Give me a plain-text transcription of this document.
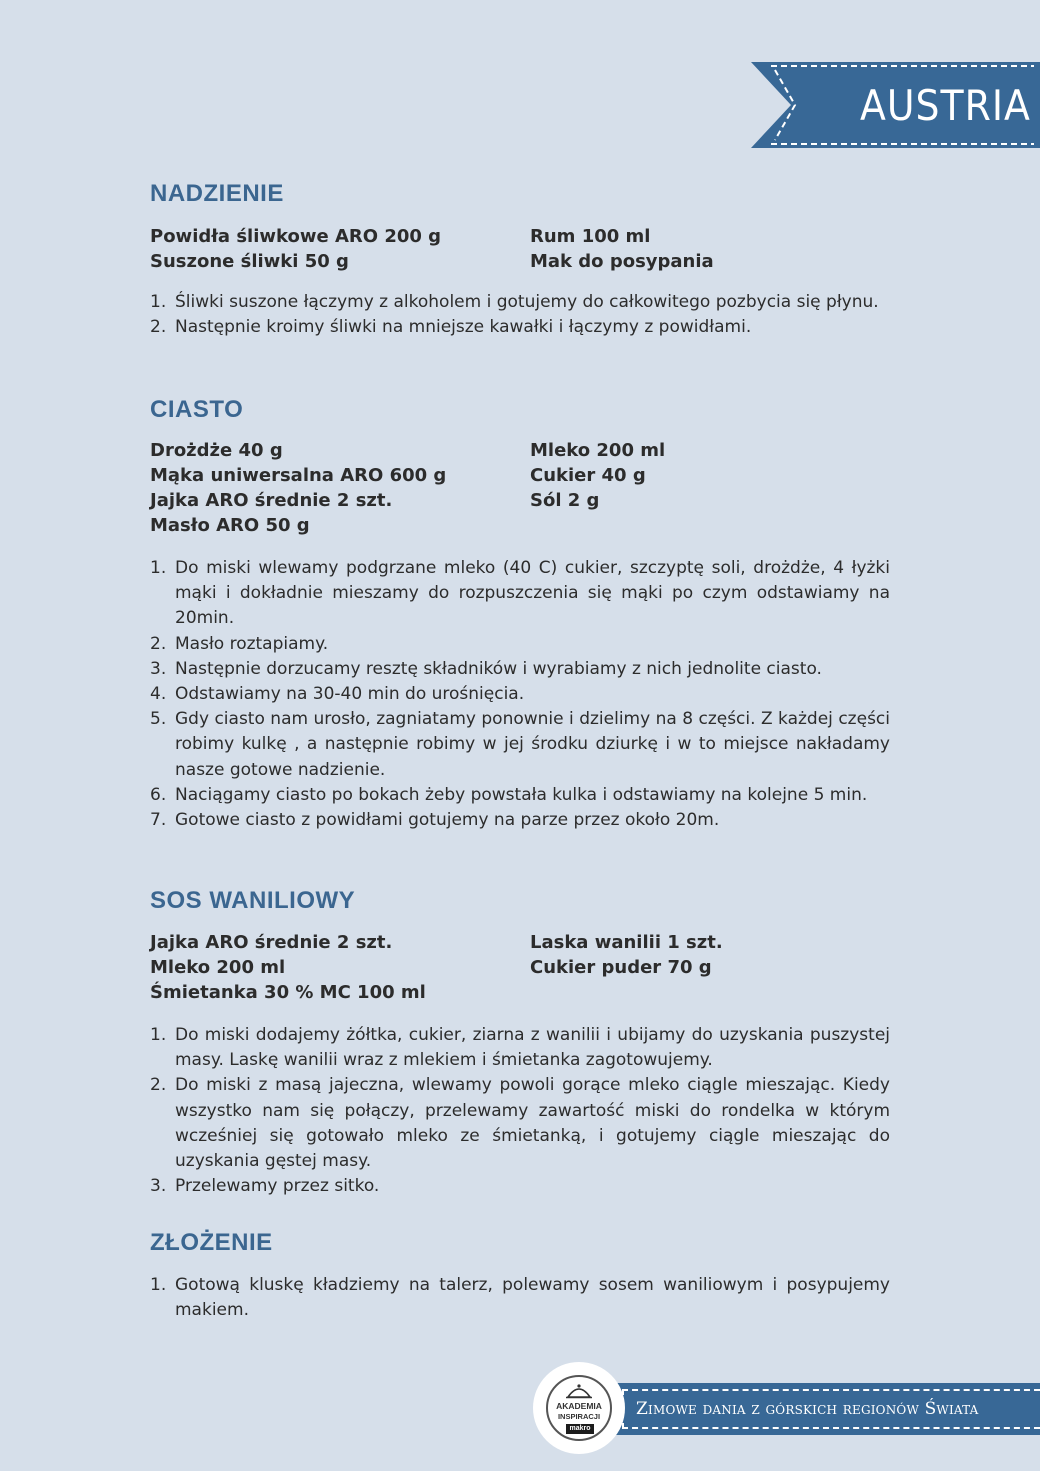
AUSTRIA
NADZIENIE
Powidła śliwkowe ARO 200 g
Suszone śliwki 50 g
Rum 100 ml
Mak do posypania
1. Śliwki suszone łączymy z alkoholem i gotujemy do całkowitego pozbycia się płynu.
2. Następnie kroimy śliwki na mniejsze kawałki i łączymy z powidłami.
CIASTO
Drożdże 40 g
Mąka uniwersalna ARO 600 g
Jajka ARO średnie 2 szt.
Masło ARO 50 g
Mleko 200 ml
Cukier 40 g
Sól 2 g
1. Do miski wlewamy podgrzane mleko (40 C) cukier, szczyptę soli, drożdże, 4 łyżki mąki i dokładnie mieszamy do rozpuszczenia się mąki po czym odstawiamy na 20min.
2. Masło roztapiamy.
3. Następnie dorzucamy resztę składników i wyrabiamy z nich jednolite ciasto.
4. Odstawiamy na 30-40 min do urośnięcia.
5. Gdy ciasto nam urosło, zagniatamy ponownie i dzielimy na 8 części. Z każdej części robimy kulkę , a następnie robimy w jej środku dziurkę i w to miejsce nakładamy nasze gotowe nadzienie.
6. Naciągamy ciasto po bokach żeby powstała kulka i odstawiamy na kolejne 5 min.
7. Gotowe ciasto z powidłami gotujemy na parze przez około 20m.
SOS WANILIOWY
Jajka ARO średnie 2 szt.
Mleko 200 ml
Śmietanka 30 % MC 100 ml
Laska wanilii 1 szt.
Cukier puder 70 g
1. Do miski dodajemy żółtka, cukier, ziarna z wanilii i ubijamy do uzyskania puszystej masy. Laskę wanilii wraz z mlekiem i śmietanka zagotowujemy.
2. Do miski z masą jajeczna, wlewamy powoli gorące mleko ciągle mieszając. Kiedy wszystko nam się połączy, przelewamy zawartość miski do rondelka w którym wcześniej się gotowało mleko ze śmietanką, i gotujemy ciągle mieszając do uzyskania gęstej masy.
3. Przelewamy przez sitko.
ZŁOŻENIE
1. Gotową kluskę kładziemy na talerz, polewamy sosem waniliowym i posypujemy makiem.
Zimowe dania z górskich regionów Świata
AKADEMIA
INSPIRACJI
makro
